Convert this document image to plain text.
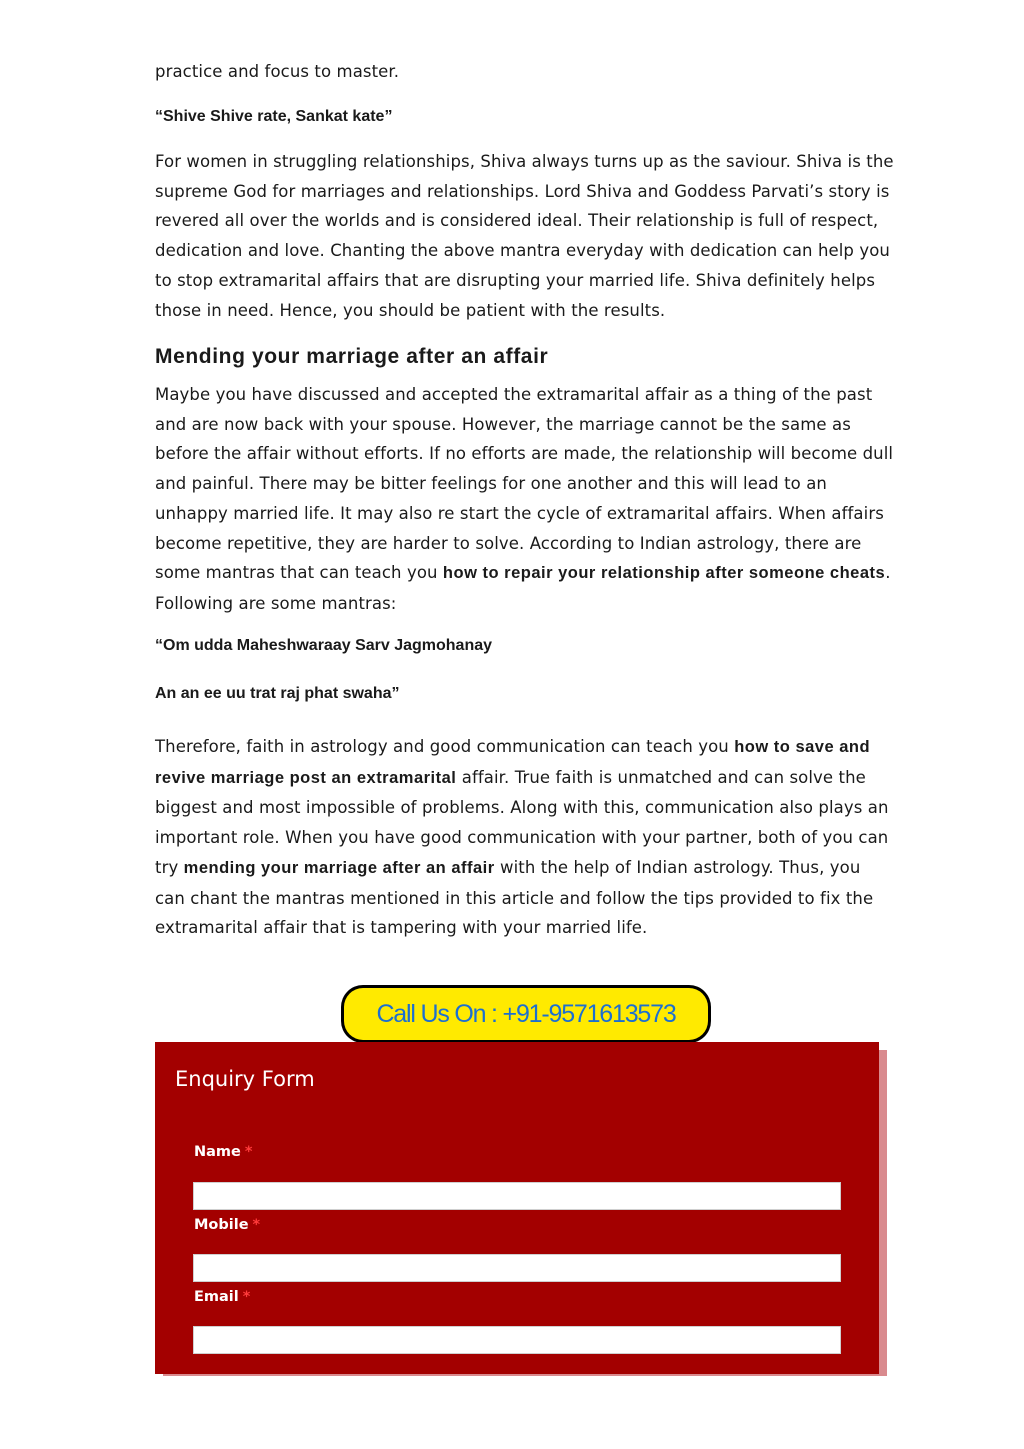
practice and focus to master.

“Shive Shive rate, Sankat kate”

For women in struggling relationships, Shiva always turns up as the saviour. Shiva is the supreme God for marriages and relationships. Lord Shiva and Goddess Parvati’s story is revered all over the worlds and is considered ideal. Their relationship is full of respect, dedication and love. Chanting the above mantra everyday with dedication can help you to stop extramarital affairs that are disrupting your married life. Shiva definitely helps those in need. Hence, you should be patient with the results.

Mending your marriage after an affair

Maybe you have discussed and accepted the extramarital affair as a thing of the past and are now back with your spouse. However, the marriage cannot be the same as before the affair without efforts. If no efforts are made, the relationship will become dull and painful. There may be bitter feelings for one another and this will lead to an unhappy married life. It may also re start the cycle of extramarital affairs. When affairs become repetitive, they are harder to solve. According to Indian astrology, there are some mantras that can teach you how to repair your relationship after someone cheats. Following are some mantras:

“Om udda Maheshwaraay Sarv Jagmohanay

An an ee uu trat raj phat swaha”

Therefore, faith in astrology and good communication can teach you how to save and revive marriage post an extramarital affair. True faith is unmatched and can solve the biggest and most impossible of problems. Along with this, communication also plays an important role. When you have good communication with your partner, both of you can try mending your marriage after an affair with the help of Indian astrology. Thus, you can chant the mantras mentioned in this article and follow the tips provided to fix the extramarital affair that is tampering with your married life.

Call Us On : +91-9571613573
Enquiry Form
Name *
Mobile *
Email *
